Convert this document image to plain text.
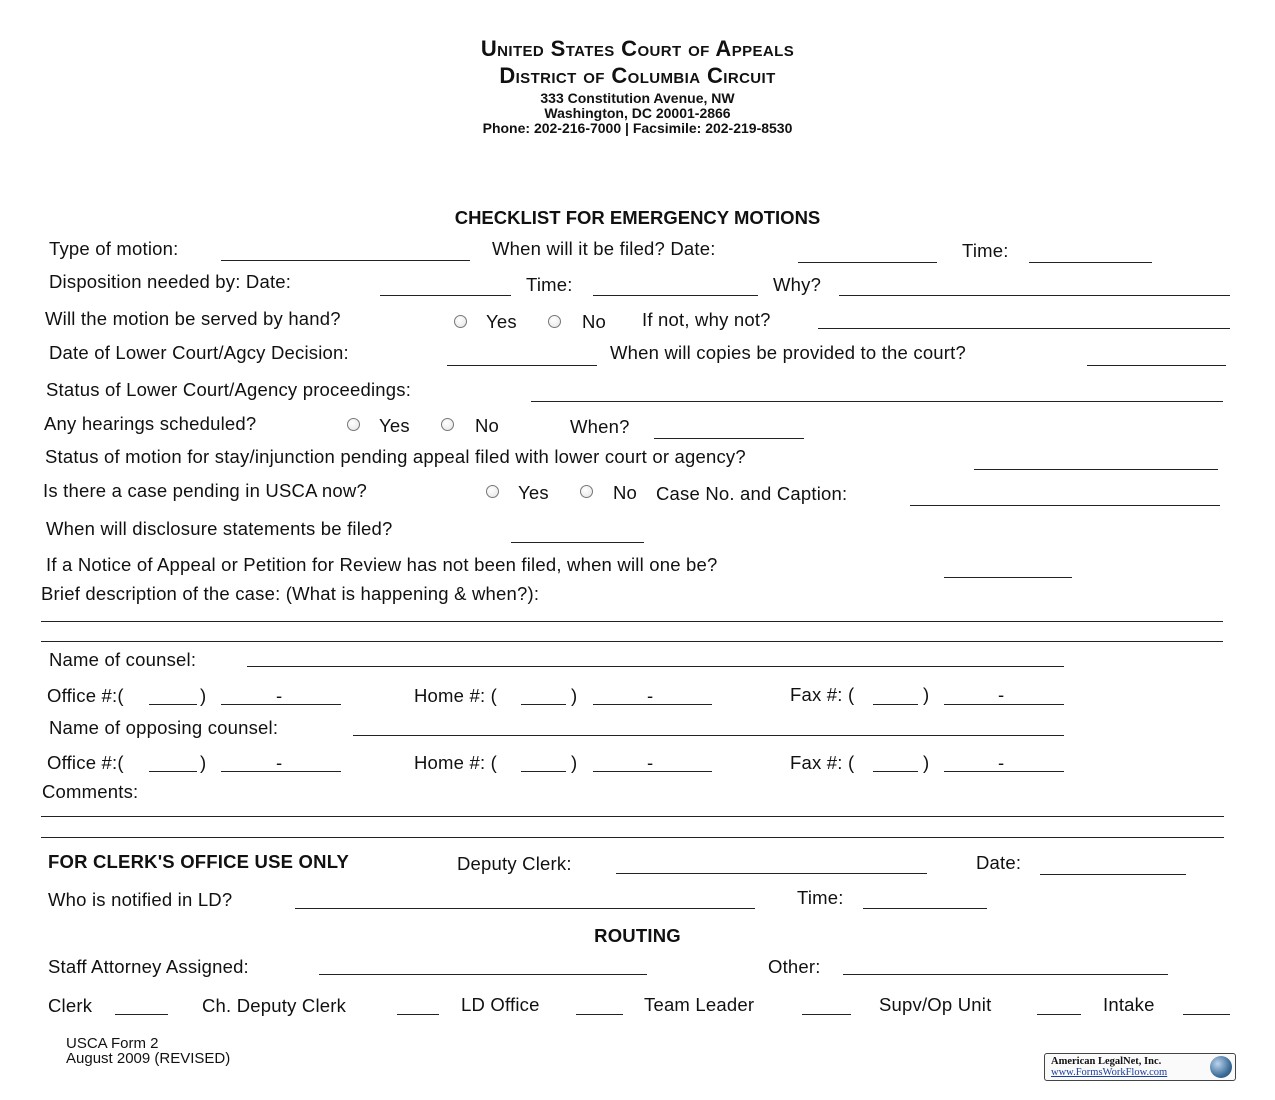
United States Court of Appeals
District of Columbia Circuit
333 Constitution Avenue, NW
Washington, DC 20001-2866
Phone: 202-216-7000 | Facsimile: 202-219-8530
CHECKLIST FOR EMERGENCY MOTIONS
Type of motion:	When will it be filed? Date:	Time:
Disposition needed by: Date:	Time:	Why?
Will the motion be served by hand?	Yes	No If not, why not?
Date of Lower Court/Agcy Decision:	When will copies be provided to the court?
Status of Lower Court/Agency proceedings:
Any hearings scheduled?	Yes	No	When?
Status of motion for stay/injunction pending appeal filed with lower court or agency?
Is there a case pending in USCA now?	Yes	No Case No. and Caption:
When will disclosure statements be filed?
If a Notice of Appeal or Petition for Review has not been filed, when will one be?
Brief description of the case: (What is happening & when?):
Name of counsel:
Office #:(	)	-	Home #: (	)	-	Fax #: (	)	-
Name of opposing counsel:
Office #:(	)	-	Home #: (	)	-	Fax #: (	)	-
Comments:
FOR CLERK'S OFFICE USE ONLY	Deputy Clerk:	Date:
Who is notified in LD?	Time:
ROUTING
Staff Attorney Assigned:	Other:
Clerk	Ch. Deputy Clerk	LD Office	Team Leader	Supv/Op Unit	Intake
USCA Form 2
August 2009 (REVISED)	American LegalNet, Inc.
www.FormsWorkFlow.com
